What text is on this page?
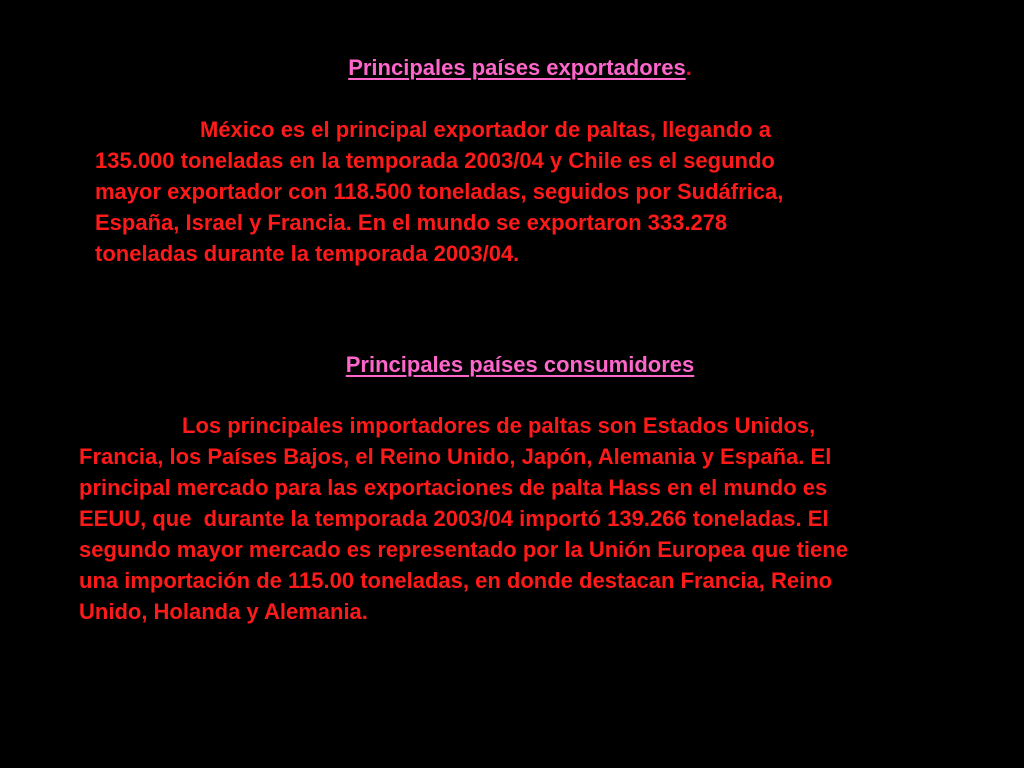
Principales países exportadores.
México es el principal exportador de paltas, llegando a
135.000 toneladas en la temporada 2003/04 y Chile es el segundo
mayor exportador con 118.500 toneladas, seguidos por Sudáfrica,
España, Israel y Francia. En el mundo se exportaron 333.278
toneladas durante la temporada 2003/04.
Principales países consumidores
Los principales importadores de paltas son Estados Unidos,
Francia, los Países Bajos, el Reino Unido, Japón, Alemania y España. El
principal mercado para las exportaciones de palta Hass en el mundo es
EEUU, que  durante la temporada 2003/04 importó 139.266 toneladas. El
segundo mayor mercado es representado por la Unión Europea que tiene
una importación de 115.00 toneladas, en donde destacan Francia, Reino
Unido, Holanda y Alemania.
